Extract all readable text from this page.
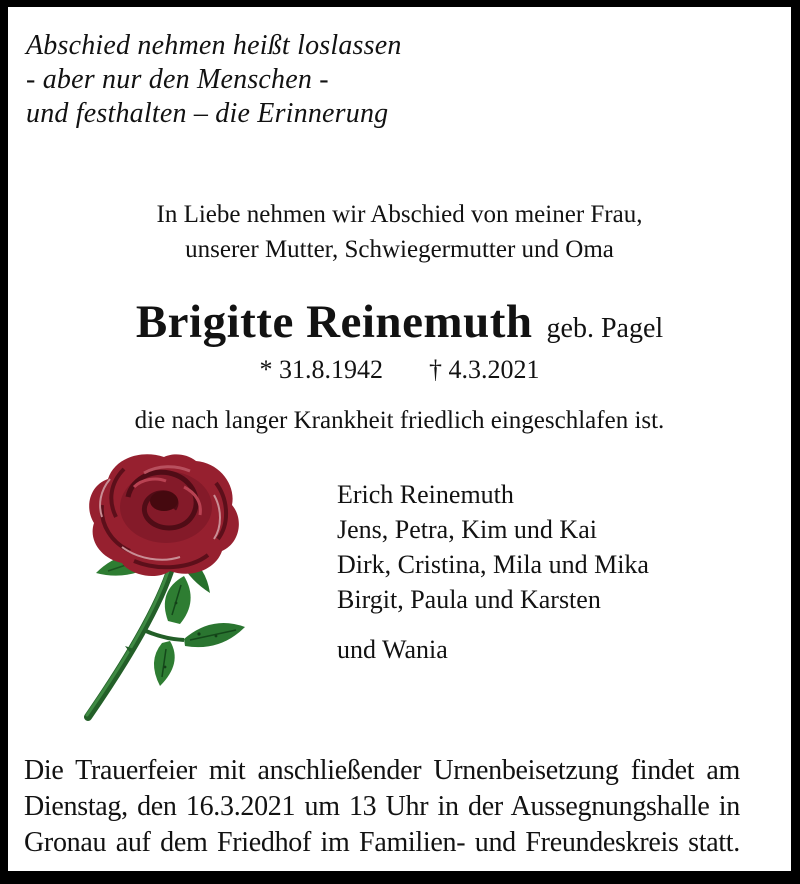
Abschied nehmen heißt loslassen
- aber nur den Menschen -
und festhalten – die Erinnerung
In Liebe nehmen wir Abschied von meiner Frau,
unserer Mutter, Schwiegermutter und Oma
Brigitte Reinemuth geb. Pagel
* 31.8.1942 † 4.3.2021
die nach langer Krankheit friedlich eingeschlafen ist.
Erich Reinemuth
Jens, Petra, Kim und Kai
Dirk, Cristina, Mila und Mika
Birgit, Paula und Karsten
und Wania
Die Trauerfeier mit anschließender Urnenbeisetzung findet am
Dienstag, den 16.3.2021 um 13 Uhr in der Aussegnungshalle in
Gronau auf dem Friedhof im Familien- und Freundeskreis statt.
